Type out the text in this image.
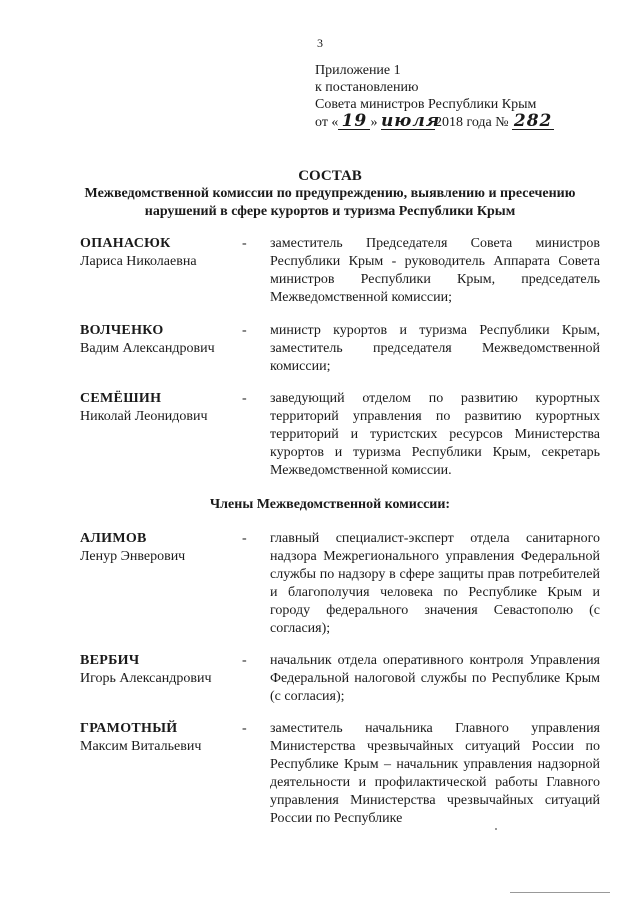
3
Приложение 1
к постановлению
Совета министров Республики Крым
от « 19 » июля2018 года № 282
СОСТАВ
Межведомственной комиссии по предупреждению, выявлению и пресечению нарушений в сфере курортов и туризма Республики Крым
ОПАНАСЮК
Лариса Николаевна
- заместитель Председателя Совета министров Республики Крым - руководитель Аппарата Совета министров Республики Крым, председатель Межведомственной комиссии;
ВОЛЧЕНКО
Вадим Александрович
- министр курортов и туризма Республики Крым, заместитель председателя Межведомственной комиссии;
СЕМЁШИН
Николай Леонидович
- заведующий отделом по развитию курортных территорий управления по развитию курортных территорий и туристских ресурсов Министерства курортов и туризма Республики Крым, секретарь Межведомственной комиссии.
Члены Межведомственной комиссии:
АЛИМОВ
Ленур Энверович
- главный специалист-эксперт отдела санитарного надзора Межрегионального управления Федеральной службы по надзору в сфере защиты прав потребителей и благополучия человека по Республике Крым и городу федерального значения Севастополю (с согласия);
ВЕРБИЧ
Игорь Александрович
- начальник отдела оперативного контроля Управления Федеральной налоговой службы по Республике Крым (с согласия);
ГРАМОТНЫЙ
Максим Витальевич
- заместитель начальника Главного управления Министерства чрезвычайных ситуаций России по Республике Крым – начальник управления надзорной деятельности и профилактической работы Главного управления Министерства чрезвычайных ситуаций России по Республике
